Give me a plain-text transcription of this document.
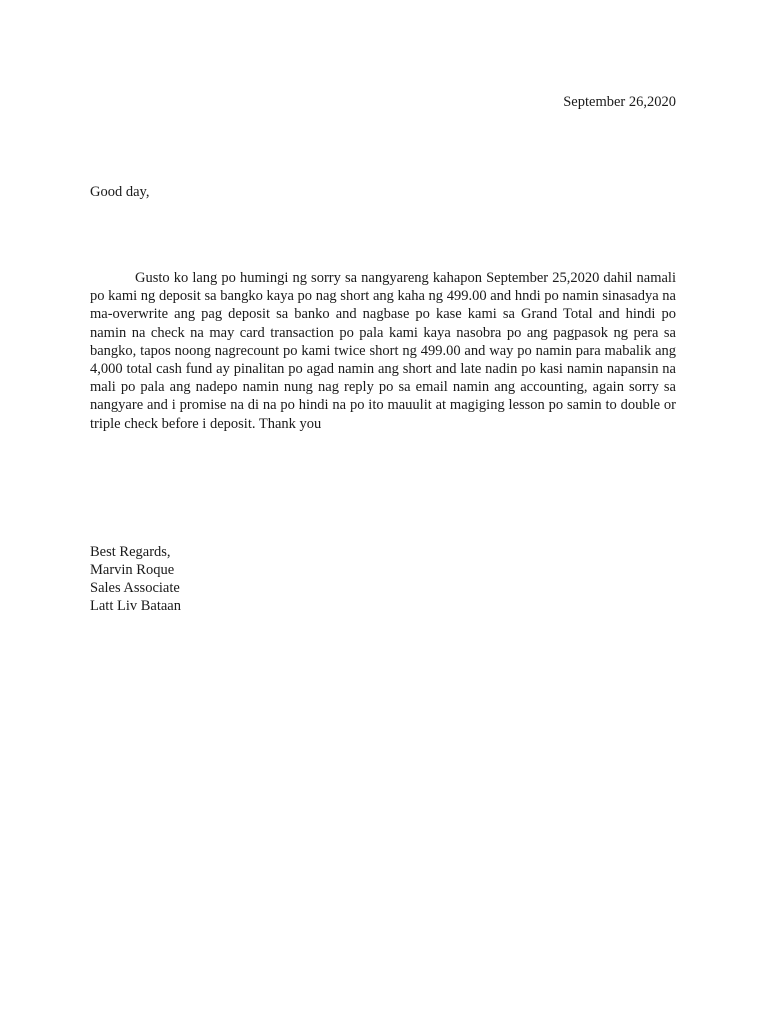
September 26,2020
Good day,

Gusto ko lang po humingi ng sorry sa nangyareng kahapon September 25,2020 dahil namali po kami ng deposit sa bangko kaya po nag short ang kaha ng 499.00 and hndi po namin sinasadya na ma-overwrite ang pag deposit sa banko and nagbase po kase kami sa Grand Total and hindi po namin na check na may card transaction po pala kami kaya nasobra po ang pagpasok ng pera sa bangko, tapos noong nagrecount po kami twice short ng 499.00 and way po namin para mabalik ang 4,000 total cash fund ay pinalitan po agad namin ang short and late nadin po kasi namin napansin na mali po pala ang nadepo namin nung nag reply po sa email namin ang accounting, again sorry sa nangyare and i promise na di na po hindi na po ito mauulit at magiging lesson po samin to double or triple check before i deposit. Thank you

Best Regards,
Marvin Roque
Sales Associate
Latt Liv Bataan
